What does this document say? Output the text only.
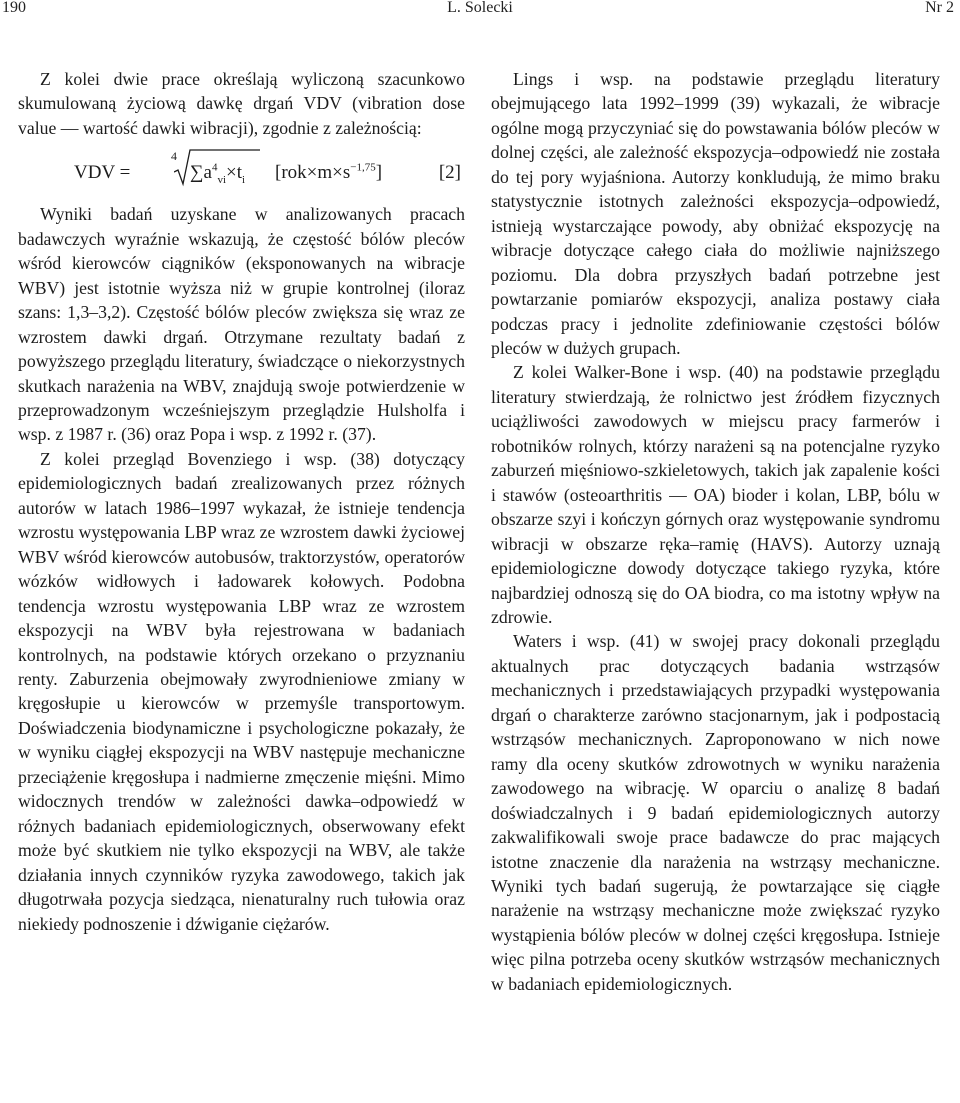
190	L. Solecki	Nr 2

Z kolei dwie prace określają wyliczoną szacunkowo skumulowaną życiową dawkę drgań VDV (vibration dose value — wartość dawki wibracji), zgodnie z zależnością:

VDV =
4
$\sum a^4_{vi}\times t_i$ $[rok\times m\times s^{-1,75}]$	[2]

Wyniki badań uzyskane w analizowanych pracach badawczych wyraźnie wskazują, że częstość bólów pleców wśród kierowców ciągników (eksponowanych na wibracje WBV) jest istotnie wyższa niż w grupie kontrolnej (iloraz szans: 1,3–3,2). Częstość bólów pleców zwiększa się wraz ze wzrostem dawki drgań. Otrzymane rezultaty badań z powyższego przeglądu literatury, świadczące o niekorzystnych skutkach narażenia na WBV, znajdują swoje potwierdzenie w przeprowadzonym wcześniejszym przeglądzie Hulsholfa i wsp. z 1987 r. (36) oraz Popa i wsp. z 1992 r. (37).

Z kolei przegląd Bovenziego i wsp. (38) dotyczący epidemiologicznych badań zrealizowanych przez różnych autorów w latach 1986–1997 wykazał, że istnieje tendencja wzrostu występowania LBP wraz ze wzrostem dawki życiowej WBV wśród kierowców autobusów, traktorzystów, operatorów wózków widłowych i ładowarek kołowych. Podobna tendencja wzrostu występowania LBP wraz ze wzrostem ekspozycji na WBV była rejestrowana w badaniach kontrolnych, na podstawie których orzekano o przyznaniu renty. Zaburzenia obejmowały zwyrodnieniowe zmiany w kręgosłupie u kierowców w przemyśle transportowym. Doświadczenia biodynamiczne i psychologiczne pokazały, że w wyniku ciągłej ekspozycji na WBV następuje mechaniczne przeciążenie kręgosłupa i nadmierne zmęczenie mięśni. Mimo widocznych trendów w zależności dawka–odpowiedź w różnych badaniach epidemiologicznych, obserwowany efekt może być skutkiem nie tylko ekspozycji na WBV, ale także działania innych czynników ryzyka zawodowego, takich jak długotrwała pozycja siedząca, nienaturalny ruch tułowia oraz niekiedy podnoszenie i dźwiganie ciężarów.

Lings i wsp. na podstawie przeglądu literatury obejmującego lata 1992–1999 (39) wykazali, że wibracje ogólne mogą przyczyniać się do powstawania bólów pleców w dolnej części, ale zależność ekspozycja–odpowiedź nie została do tej pory wyjaśniona. Autorzy konkludują, że mimo braku statystycznie istotnych zależności ekspozycja–odpowiedź, istnieją wystarczające powody, aby obniżać ekspozycję na wibracje dotyczące całego ciała do możliwie najniższego poziomu. Dla dobra przyszłych badań potrzebne jest powtarzanie pomiarów ekspozycji, analiza postawy ciała podczas pracy i jednolite zdefiniowanie częstości bólów pleców w dużych grupach.

Z kolei Walker-Bone i wsp. (40) na podstawie przeglądu literatury stwierdzają, że rolnictwo jest źródłem fizycznych uciążliwości zawodowych w miejscu pracy farmerów i robotników rolnych, którzy narażeni są na potencjalne ryzyko zaburzeń mięśniowo-szkieletowych, takich jak zapalenie kości i stawów (osteoarthritis — OA) bioder i kolan, LBP, bólu w obszarze szyi i kończyn górnych oraz występowanie syndromu wibracji w obszarze ręka–ramię (HAVS). Autorzy uznają epidemiologiczne dowody dotyczące takiego ryzyka, które najbardziej odnoszą się do OA biodra, co ma istotny wpływ na zdrowie.

Waters i wsp. (41) w swojej pracy dokonali przeglądu aktualnych prac dotyczących badania wstrząsów mechanicznych i przedstawiających przypadki występowania drgań o charakterze zarówno stacjonarnym, jak i podpostacią wstrząsów mechanicznych. Zaproponowano w nich nowe ramy dla oceny skutków zdrowotnych w wyniku narażenia zawodowego na wibrację. W oparciu o analizę 8 badań doświadczalnych i 9 badań epidemiologicznych autorzy zakwalifikowali swoje prace badawcze do prac mających istotne znaczenie dla narażenia na wstrząsy mechaniczne. Wyniki tych badań sugerują, że powtarzające się ciągłe narażenie na wstrząsy mechaniczne może zwiększać ryzyko wystąpienia bólów pleców w dolnej części kręgosłupa. Istnieje więc pilna potrzeba oceny skutków wstrząsów mechanicznych w badaniach epidemiologicznych.
